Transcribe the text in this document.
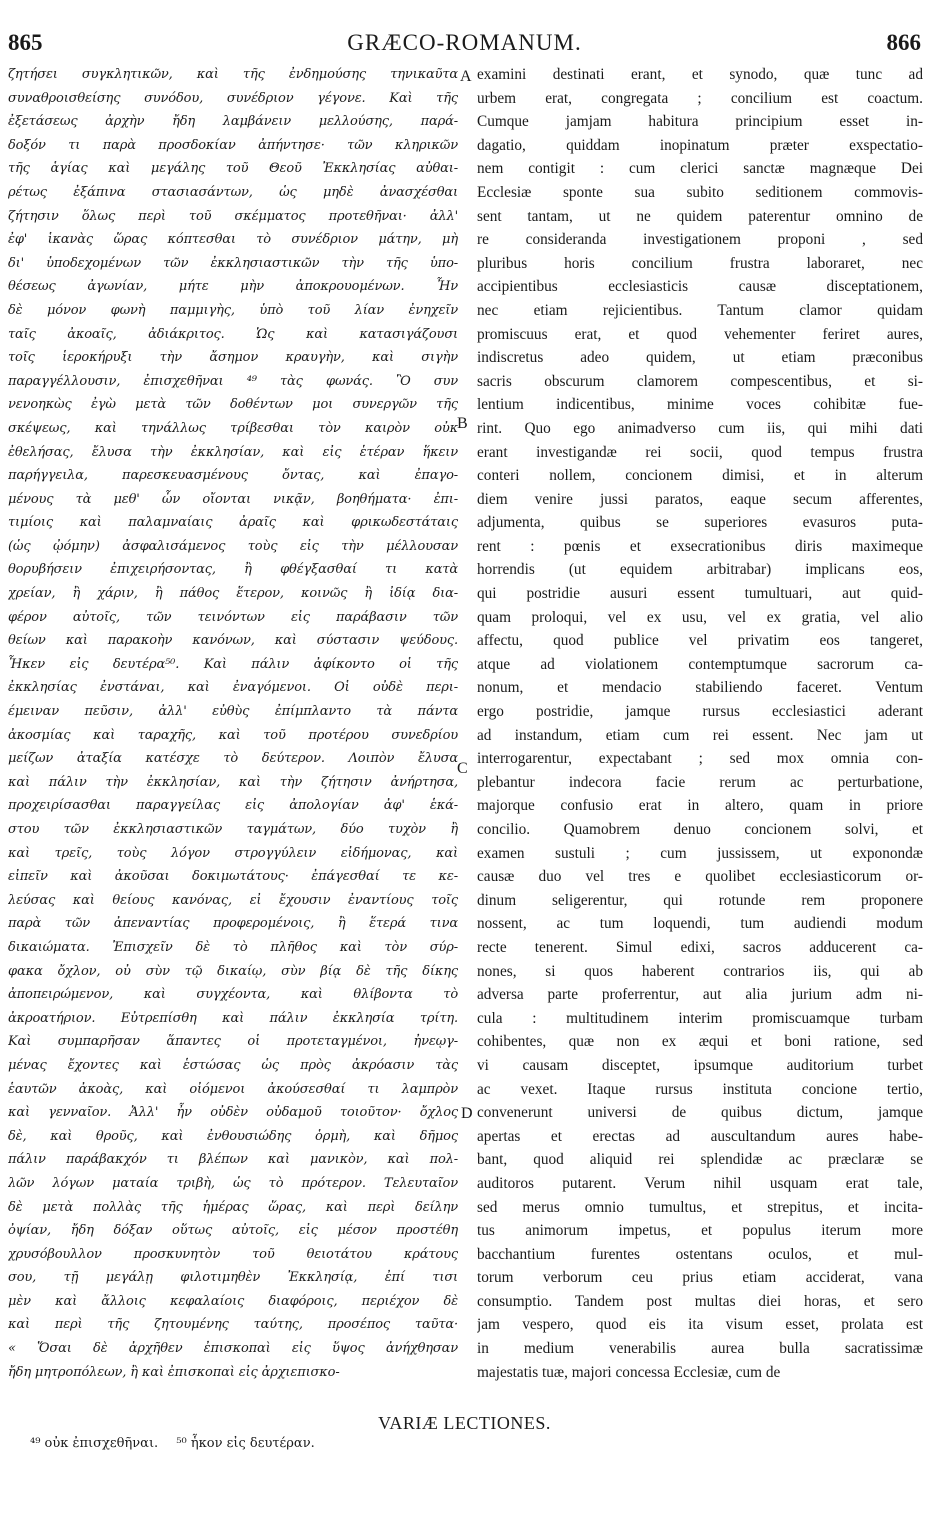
865	GRÆCO-ROMANUM.	866
ζητήσει συγκλητικῶν, καὶ τῆς ἐνδημούσης τηνικαῦτα
συναθροισθείσης συνόδου, συνέδριον γέγονε. Καὶ τῆς
ἐξετάσεως ἀρχὴν ἤδη λαμβάνειν μελλούσης, παρά-
δοξόν τι παρὰ προσδοκίαν ἀπήντησε· τῶν κληρικῶν
τῆς ἁγίας καὶ μεγάλης τοῦ Θεοῦ Ἐκκλησίας αὐθαι-
ρέτως ἐξάπινα στασιασάντων, ὡς μηδὲ ἀνασχέσθαι
ζήτησιν ὅλως περὶ τοῦ σκέμματος προτεθῆναι· ἀλλ'
ἐφ' ἱκανὰς ὥρας κόπτεσθαι τὸ συνέδριον μάτην, μὴ
δι' ὑποδεχομένων τῶν ἐκκλησιαστικῶν τὴν τῆς ὑπο-
θέσεως ἀγωνίαν, μήτε μὴν ἀποκρουομένων. Ἦν
δὲ μόνον φωνὴ παμμιγὴς, ὑπὸ τοῦ λίαν ἐνηχεῖν
ταῖς ἀκοαῖς, ἀδιάκριτος. Ὡς καὶ κατασιγάζουσι
τοῖς ἱεροκήρυξι τὴν ἄσημον κραυγὴν, καὶ σιγὴν
παραγγέλλουσιν, ἐπισχεθῆναι ⁴⁹ τὰς φωνάς. Ὃ συν
νενοηκὼς ἐγὼ μετὰ τῶν δοθέντων μοι συνεργῶν τῆς
σκέψεως, καὶ τηνάλλως τρίβεσθαι τὸν καιρὸν οὐκ
ἐθελήσας, ἔλυσα τὴν ἐκκλησίαν, καὶ εἰς ἑτέραν ἥκειν
παρήγγειλα, παρεσκευασμένους ὄντας, καὶ ἐπαγο-
μένους τὰ μεθ' ὧν οἴονται νικᾷν, βοηθήματα· ἐπι-
τιμίοις καὶ παλαμναίαις ἀραῖς καὶ φρικωδεστάταις
(ὡς ᾠόμην) ἀσφαλισάμενος τοὺς εἰς τὴν μέλλουσαν
θορυβήσειν ἐπιχειρήσοντας, ἢ φθέγξασθαί τι κατὰ
χρείαν, ἢ χάριν, ἢ πάθος ἕτερον, κοινῶς ἢ ἰδίᾳ δια-
φέρον αὐτοῖς, τῶν τεινόντων εἰς παράβασιν τῶν
θείων καὶ παρακοὴν κανόνων, καὶ σύστασιν ψεύδους.
Ἧκεν εἰς δευτέρα⁵⁰. Καὶ πάλιν ἀφίκοντο οἱ τῆς
ἐκκλησίας ἐνστάναι, καὶ ἐναγόμενοι. Οἱ οὐδὲ περι-
έμειναν πεῦσιν, ἀλλ' εὐθὺς ἐπίμπλαντο τὰ πάντα
ἀκοσμίας καὶ ταραχῆς, καὶ τοῦ προτέρου συνεδρίου
μείζων ἀταξία κατέσχε τὸ δεύτερον. Λοιπὸν ἔλυσα
καὶ πάλιν τὴν ἐκκλησίαν, καὶ τὴν ζήτησιν ἀνήρτησα,
προχειρίσασθαι παραγγείλας εἰς ἀπολογίαν ἀφ' ἑκά-
στου τῶν ἐκκλησιαστικῶν ταγμάτων, δύο τυχὸν ἢ
καὶ τρεῖς, τοὺς λόγον στρογγύλειν εἰδήμονας, καὶ
εἰπεῖν καὶ ἀκοῦσαι δοκιμωτάτους· ἐπάγεσθαί τε κε-
λεύσας καὶ θείους κανόνας, εἰ ἔχουσιν ἐναντίους τοῖς
παρὰ τῶν ἀπεναντίας προφερομένοις, ἢ ἕτερά τινα
δικαιώματα. Ἐπισχεῖν δὲ τὸ πλῆθος καὶ τὸν σύρ-
φακα ὄχλον, οὐ σὺν τῷ δικαίῳ, σὺν βίᾳ δὲ τῆς δίκης
ἀποπειρώμενον, καὶ συγχέοντα, καὶ θλίβοντα τὸ
ἀκροατήριον. Εὐτρεπίσθη καὶ πάλιν ἐκκλησία τρίτη.
Καὶ συμπαρῆσαν ἅπαντες οἱ προτεταγμένοι, ἠνεῳγ-
μένας ἔχοντες καὶ ἑστώσας ὡς πρὸς ἀκρόασιν τὰς
ἑαυτῶν ἀκοὰς, καὶ οἰόμενοι ἀκούσεσθαί τι λαμπρὸν
καὶ γενναῖον. Ἀλλ' ἦν οὐδὲν οὐδαμοῦ τοιοῦτον· ὄχλος
δὲ, καὶ θροῦς, καὶ ἐνθουσιώδης ὁρμὴ, καὶ δῆμος
πάλιν παράβακχόν τι βλέπων καὶ μανικὸν, καὶ πολ-
λῶν λόγων ματαία τριβὴ, ὡς τὸ πρότερον. Τελευταῖον
δὲ μετὰ πολλὰς τῆς ἡμέρας ὥρας, καὶ περὶ δείλην
ὀψίαν, ἤδη δόξαν οὕτως αὐτοῖς, εἰς μέσον προστέθη
χρυσόβουλλον προσκυνητὸν τοῦ θειοτάτου κράτους
σου, τῇ μεγάλῃ φιλοτιμηθὲν Ἐκκλησίᾳ, ἐπί τισι
μὲν καὶ ἄλλοις κεφαλαίοις διαφόροις, περιέχον δὲ
καὶ περὶ τῆς ζητουμένης ταύτης, προσέπος ταῦτα·
« Ὅσαι δὲ ἀρχῆθεν ἐπισκοπαὶ εἰς ὕψος ἀνήχθησαν
ἤδη μητροπόλεων, ἢ καὶ ἐπισκοπαὶ εἰς ἀρχιεπισκο-
examini destinati erant, et synodo, quæ tunc ad
urbem erat, congregata ; concilium est coactum.
Cumque jamjam habitura principium esset in-
dagatio, quiddam inopinatum præter exspectatio-
nem contigit : cum clerici sanctæ magnæque Dei
Ecclesiæ sponte sua subito seditionem commovis-
sent tantam, ut ne quidem paterentur omnino de
re consideranda investigationem proponi , sed
pluribus horis concilium frustra laboraret, nec
accipientibus ecclesiasticis causæ disceptationem,
nec etiam rejicientibus. Tantum clamor quidam
promiscuus erat, et quod vehementer feriret aures,
indiscretus adeo quidem, ut etiam præconibus
sacris obscurum clamorem compescentibus, et si-
lentium indicentibus, minime voces cohibitæ fue-
rint. Quo ego animadverso cum iis, qui mihi dati
erant investigandæ rei socii, quod tempus frustra
conteri nollem, concionem dimisi, et in alterum
diem venire jussi paratos, eaque secum afferentes,
adjumenta, quibus se superiores evasuros puta-
rent : pœnis et exsecrationibus diris maximeque
horrendis (ut equidem arbitrabar) implicans eos,
qui postridie ausuri essent tumultuari, aut quid-
quam proloqui, vel ex usu, vel ex gratia, vel alio
affectu, quod publice vel privatim eos tangeret,
atque ad violationem contemptumque sacrorum ca-
nonum, et mendacio stabiliendo faceret. Ventum
ergo postridie, jamque rursus ecclesiastici aderant
ad instandum, etiam cum rei essent. Nec jam ut
interrogarentur, expectabant ; sed mox omnia con-
plebantur indecora facie rerum ac perturbatione,
majorque confusio erat in altero, quam in priore
concilio. Quamobrem denuo concionem solvi, et
examen sustuli ; cum jussissem, ut exponondæ
causæ duo vel tres e quolibet ecclesiasticorum or-
dinum seligerentur, qui rotunde rem proponere
nossent, ac tum loquendi, tum audiendi modum
recte tenerent. Simul edixi, sacros adducerent ca-
nones, si quos haberent contrarios iis, qui ab
adversa parte proferrentur, aut alia jurium adm ni-
cula : multitudinem interim promiscuamque turbam
cohibentes, quæ non ex æqui et boni ratione, sed
vi causam disceptet, ipsumque auditorium turbet
ac vexet. Itaque rursus instituta concione tertio,
convenerunt universi de quibus dictum, jamque
apertas et erectas ad auscultandum aures habe-
bant, quod aliquid rei splendidæ ac præclaræ se
auditoros putarent. Verum nihil usquam erat tale,
sed merus omnio tumultus, et strepitus, et incita-
tus animorum impetus, et populus iterum more
bacchantium furentes ostentans oculos, et mul-
torum verborum ceu prius etiam acciderat, vana
consumptio. Tandem post multas diei horas, et sero
jam vespero, quod eis ita visum esset, prolata est
in medium venerabilis aurea bulla sacratissimæ
majestatis tuæ, majori concessa Ecclesiæ, cum de
A
B
C
D
VARIÆ LECTIONES.
⁴⁹ οὐκ ἐπισχεθῆναι. ⁵⁰ ἧκον εἰς δευτέραν.
